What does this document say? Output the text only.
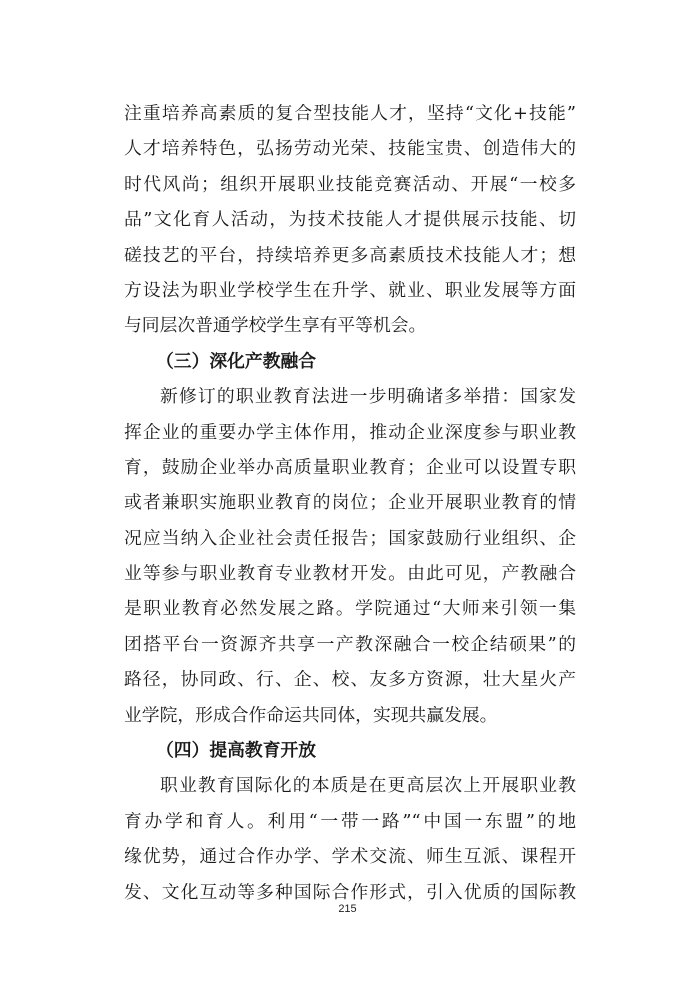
注重培养高素质的复合型技能人才，坚持“文化+技能”
人才培养特色，弘扬劳动光荣、技能宝贵、创造伟大的
时代风尚；组织开展职业技能竞赛活动、开展“一校多
品”文化育人活动，为技术技能人才提供展示技能、切
磋技艺的平台，持续培养更多高素质技术技能人才；想
方设法为职业学校学生在升学、就业、职业发展等方面
与同层次普通学校学生享有平等机会。
（三）深化产教融合
新修订的职业教育法进一步明确诸多举措：国家发
挥企业的重要办学主体作用，推动企业深度参与职业教
育，鼓励企业举办高质量职业教育；企业可以设置专职
或者兼职实施职业教育的岗位；企业开展职业教育的情
况应当纳入企业社会责任报告；国家鼓励行业组织、企
业等参与职业教育专业教材开发。由此可见，产教融合
是职业教育必然发展之路。学院通过“大师来引领一集
团搭平台一资源齐共享一产教深融合一校企结硕果”的
路径，协同政、行、企、校、友多方资源，壮大星火产
业学院，形成合作命运共同体，实现共赢发展。
（四）提高教育开放
职业教育国际化的本质是在更高层次上开展职业教
育办学和育人。利用“一带一路”“中国一东盟”的地
缘优势，通过合作办学、学术交流、师生互派、课程开
发、文化互动等多种国际合作形式，引入优质的国际教
215
